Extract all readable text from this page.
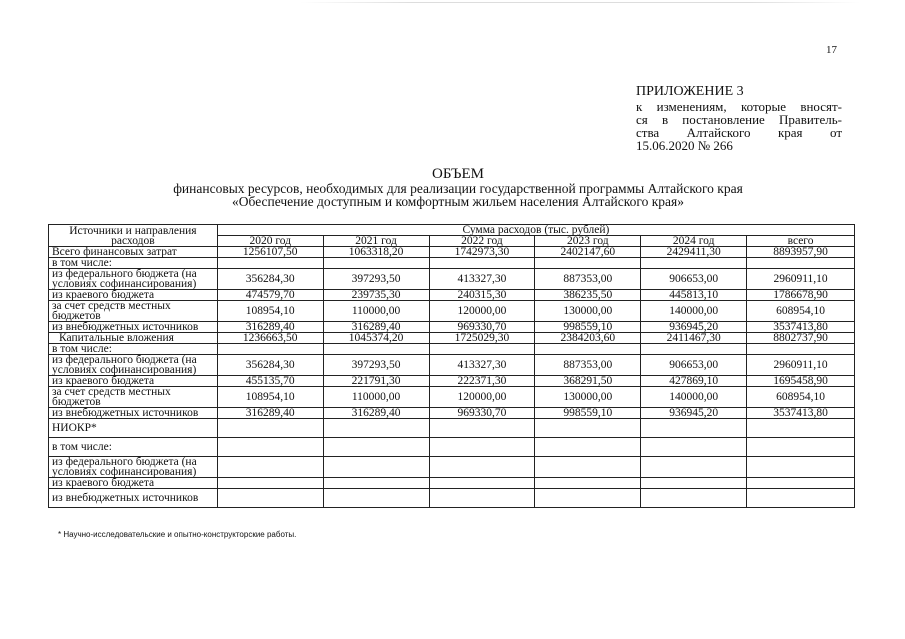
17
ПРИЛОЖЕНИЕ 3
к изменениям, которые вносят-
ся в постановление Правитель-
ства Алтайского края от
15.06.2020 № 266
ОБЪЕМ
финансовых ресурсов, необходимых для реализации государственной программы Алтайского края
«Обеспечение доступным и комфортным жильем населения Алтайского края»
Источники и направления расходов	Сумма расходов (тыс. рублей)					
	2020 год	2021 год	2022 год	2023 год	2024 год	всего
Всего финансовых затрат	1256107,50	1063318,20	1742973,30	2402147,60	2429411,30	8893957,90
в том числе:						
из федерального бюджета (на условиях софинансирования)	356284,30	397293,50	413327,30	887353,00	906653,00	2960911,10
из краевого бюджета	474579,70	239735,30	240315,30	386235,50	445813,10	1786678,90
за счет средств местных бюджетов	108954,10	110000,00	120000,00	130000,00	140000,00	608954,10
из внебюджетных источников	316289,40	316289,40	969330,70	998559,10	936945,20	3537413,80
Капитальные вложения	1236663,50	1045374,20	1725029,30	2384203,60	2411467,30	8802737,90
в том числе:						
из федерального бюджета (на условиях софинансирования)	356284,30	397293,50	413327,30	887353,00	906653,00	2960911,10
из краевого бюджета	455135,70	221791,30	222371,30	368291,50	427869,10	1695458,90
за счет средств местных бюджетов	108954,10	110000,00	120000,00	130000,00	140000,00	608954,10
из внебюджетных источников	316289,40	316289,40	969330,70	998559,10	936945,20	3537413,80
НИОКР*						
в том числе:						
из федерального бюджета (на условиях софинансирования)						
из краевого бюджета						
из внебюджетных источников						
* Научно-исследовательские и опытно-конструкторские работы.
